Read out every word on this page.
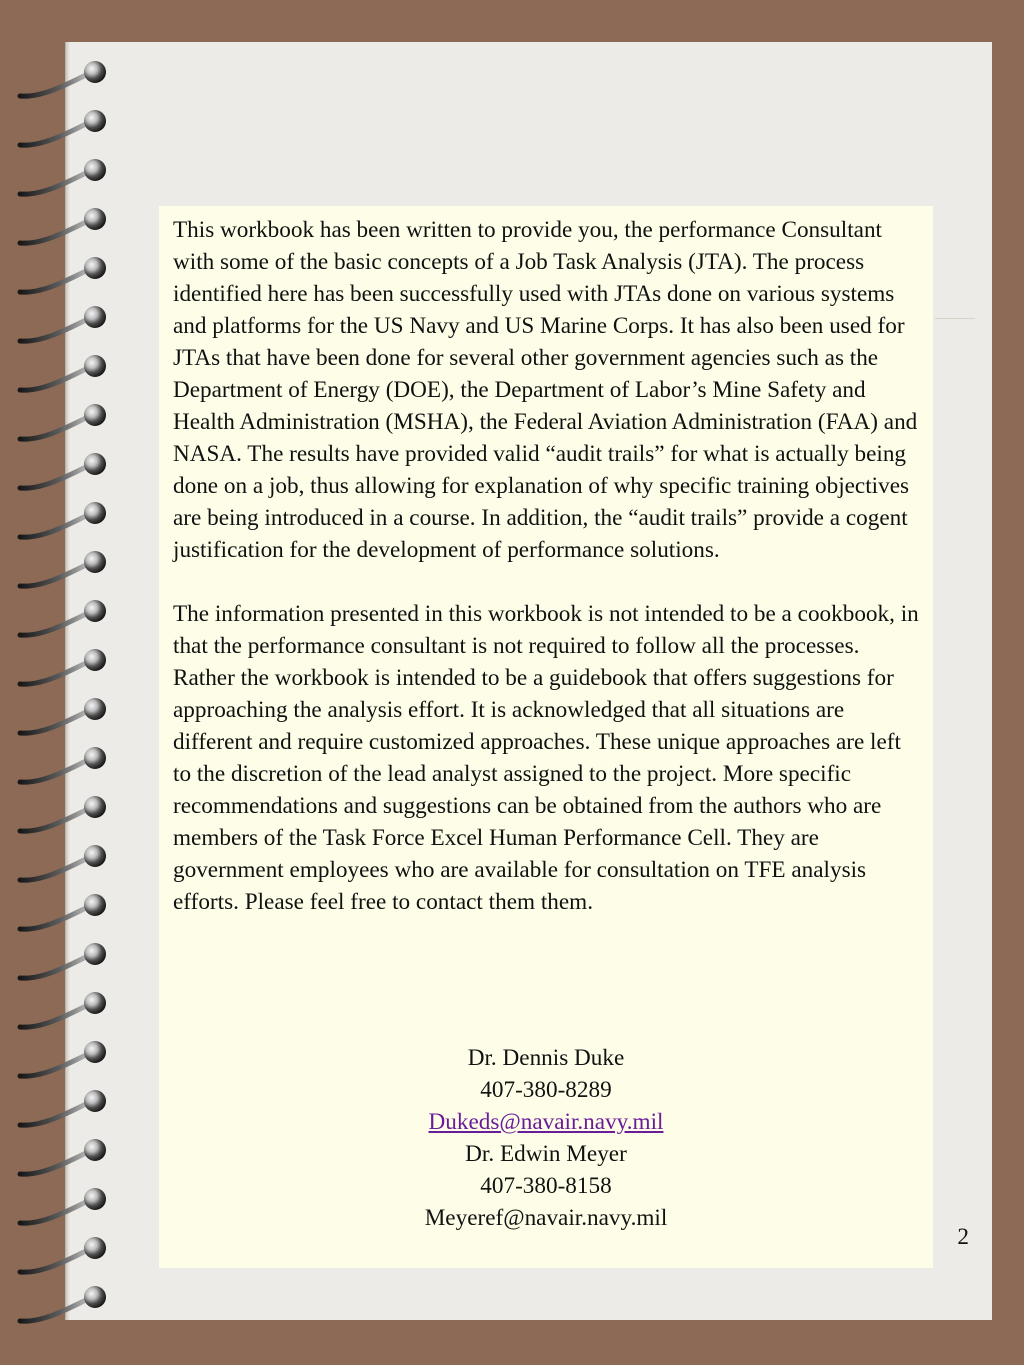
This workbook has been written to provide you, the performance Consultant with some of the basic concepts of a Job Task Analysis (JTA). The process identified here has been successfully used with JTAs done on various systems and platforms for the US Navy and US Marine Corps. It has also been used for JTAs that have been done for several other government agencies such as the Department of Energy (DOE), the Department of Labor’s Mine Safety and Health Administration (MSHA), the Federal Aviation Administration (FAA) and NASA. The results have provided valid “audit trails” for what is actually being done on a job, thus allowing for explanation of why specific training objectives are being introduced in a course. In addition, the “audit trails” provide a cogent justification for the development of performance solutions.

The information presented in this workbook is not intended to be a cookbook, in that the performance consultant is not required to follow all the processes. Rather the workbook is intended to be a guidebook that offers suggestions for approaching the analysis effort. It is acknowledged that all situations are different and require customized approaches. These unique approaches are left to the discretion of the lead analyst assigned to the project. More specific recommendations and suggestions can be obtained from the authors who are members of the Task Force Excel Human Performance Cell. They are government employees who are available for consultation on TFE analysis efforts. Please feel free to contact them them.

Dr. Dennis Duke
407-380-8289
Dukeds@navair.navy.mil
Dr. Edwin Meyer
407-380-8158
Meyeref@navair.navy.mil
2
